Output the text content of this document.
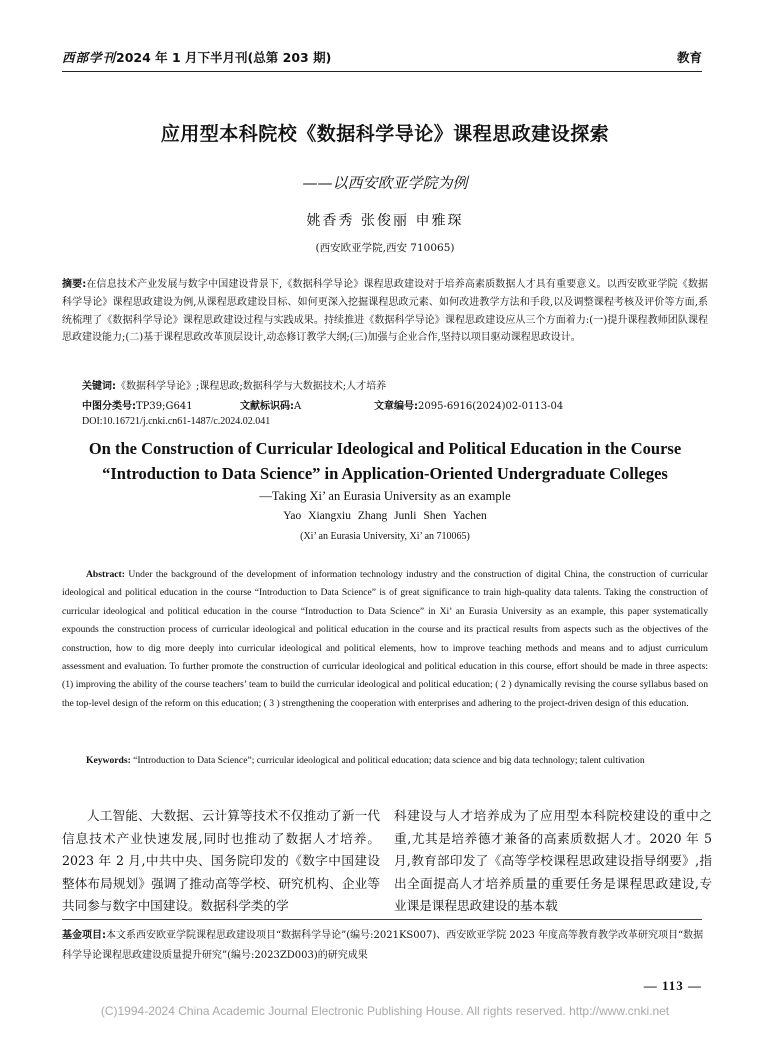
西部学刊2024 年 1 月下半月刊(总第 203 期)	教育
应用型本科院校《数据科学导论》课程思政建设探索
——以西安欧亚学院为例
姚香秀 张俊丽 申雅琛
(西安欧亚学院,西安 710065)
摘要:在信息技术产业发展与数字中国建设背景下,《数据科学导论》课程思政建设对于培养高素质数据人才具有重要意义。以西安欧亚学院《数据科学导论》课程思政建设为例,从课程思政建设目标、如何更深入挖掘课程思政元素、如何改进教学方法和手段,以及调整课程考核及评价等方面,系统梳理了《数据科学导论》课程思政建设过程与实践成果。持续推进《数据科学导论》课程思政建设应从三个方面着力:(一)提升课程教师团队课程思政建设能力;(二)基于课程思政改革顶层设计,动态修订教学大纲;(三)加强与企业合作,坚持以项目驱动课程思政设计。
关键词:《数据科学导论》;课程思政;数据科学与大数据技术;人才培养
中图分类号:TP39;G641	文献标识码:A	文章编号:2095-6916(2024)02-0113-04
DOI:10.16721/j.cnki.cn61-1487/c.2024.02.041
On the Construction of Curricular Ideological and Political Education in the Course
“Introduction to Data Science” in Application-Oriented Undergraduate Colleges
—Taking Xi’ an Eurasia University as an example
Yao Xiangxiu Zhang Junli Shen Yachen
(Xi’ an Eurasia University, Xi’ an 710065)
Abstract: Under the background of the development of information technology industry and the construction of digital China, the construction of curricular ideological and political education in the course “Introduction to Data Science” is of great significance to train high-quality data talents. Taking the construction of curricular ideological and political education in the course “Introduction to Data Science” in Xi’ an Eurasia University as an example, this paper systematically expounds the construction process of curricular ideological and political education in the course and its practical results from aspects such as the objectives of the construction, how to dig more deeply into curricular ideological and political elements, how to improve teaching methods and means and to adjust curriculum assessment and evaluation. To further promote the construction of curricular ideological and political education in this course, effort should be made in three aspects: (1) improving the ability of the course teachers’ team to build the curricular ideological and political education; ( 2 ) dynamically revising the course syllabus based on the top-level design of the reform on this education; ( 3 ) strengthening the cooperation with enterprises and adhering to the project-driven design of this education.
Keywords: “Introduction to Data Science”; curricular ideological and political education; data science and big data technology; talent cultivation
人工智能、大数据、云计算等技术不仅推动了新一代信息技术产业快速发展,同时也推动了数据人才培养。2023 年 2 月,中共中央、国务院印发的《数字中国建设整体布局规划》强调了推动高等学校、研究机构、企业等共同参与数字中国建设。数据科学类的学
科建设与人才培养成为了应用型本科院校建设的重中之重,尤其是培养德才兼备的高素质数据人才。2020 年 5 月,教育部印发了《高等学校课程思政建设指导纲要》,指出全面提高人才培养质量的重要任务是课程思政建设,专业课是课程思政建设的基本载
基金项目:本文系西安欧亚学院课程思政建设项目“数据科学导论”(编号:2021KS007)、西安欧亚学院 2023 年度高等教育教学改革研究项目“数据科学导论课程思政建设质量提升研究”(编号:2023ZD003)的研究成果
— 113 —
(C)1994-2024 China Academic Journal Electronic Publishing House. All rights reserved. http://www.cnki.net
